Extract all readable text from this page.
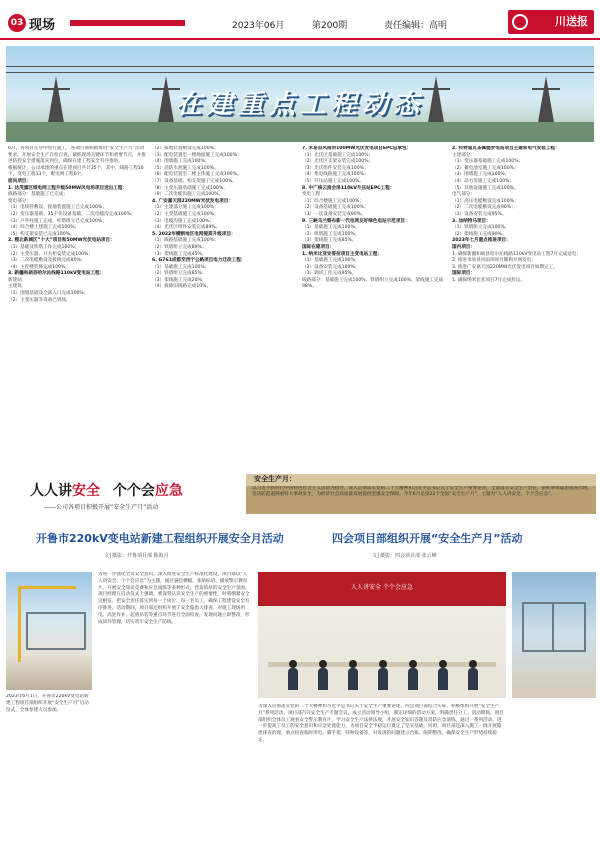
03 现场	2023年06月	第200期	责任编辑：高明	川送报
在建重点工程动态

6月，各项目在序中进行施工，各项目部积极推进“安全生产月”活动要求，开展安全生产自检自查，紧抓现场关键环节和重要节点，并推进防控安全措施落实到位，确保在建工程安全有序推进。

根据统计，公司承建的重点在建项目共计35个，其中，线路工程16个，变电工程13个，配电网工程6个。

面向项目：

1. 达茂旗区域电网工程升级50MW风电场项目送出工程：

线路部分：基础施工已完成；

变电部分：

（1）电线管敷设、接地装置施工已完成100%；

（2）变压器基础、35千伏设备基础、二次电缆沟完成100%；

（3）户外柱施工完成，杆塔组立已完成100%；

（4）综合楼土建施工完成100%；

（5）构支架安装已完成100%。

2. 稷北新城区“十大”项目和50MW光伏电站项目：

（1）基础及铁塔工作完成100%；

（2）主变压器、开关柜安装完成100%；

（3）二次电缆敷设及接线完成80%；

（4）主控楼装修完成100%。

3. 新疆和硕县哈尔沁线路110kV变电站工程：

新建站：

主建筑：

（1）围墙基础及全部入口完成100%；

（2）主变压器等设备已到场。

（2）接地装置敷设完成100%；

（3）配电装置室一楼地面施工完成100%；

（4）围墙施工完成100%；

（5）消防水池施工完成100%。

（6）配电装置室二楼主体施工完成100%。

（7）设备基础、构支架施工完成100%。

（8）主变压器基础施工完成100%。

（9）二次电缆沟施工完成100%。

4. 广安嘉天园220MW光伏发电项目：

（1）主建部分施工完成100%；

（2）主变基础施工完成100%；

（3）电缆沟施工完成100%；

（4）光伏区组件安装完成89%。

5. 2022年横断地区电网提质升级项目：

（1）线路基础施工完成100%；

（2）铁塔组立完成89%；

（3）架线施工完成45%。

6. G761成都至西宁公路项目电力迁改工程：

（1）基础施工完成100%；

（2）铁塔组立完成85%；

（3）架线施工完成20%；

（4）拆除旧线路完成10%。

7. 米易县风雨坝100MW光伏发电项目EPC总承包：

（1）光伏区基础施工完成100%；

（2）光伏区支架安装完成100%；

（3）光伏组件安装完成100%；

（4）集电线路施工完成100%；

（5）升压站施工完成100%。

8. 中广核云南会泽110kV升压站EPC工程：

变电工程：

（1）综合楼施工完成100%；

（2）设备基础施工完成100%；

（3）一次设备安装完成80%。

9. 三峡乌兰察布新一代电网友好绿色电站示范项目：

（1）基础施工完成100%；

（2）组塔施工完成100%；

（3）架线施工完成85%。

国际在建项目：

1. 纳米比亚安哥拉项目主变电站工程：

（1）基础施工完成100%；

（2）设备安装完成100%；

（3）调试工作完成95%。

线路部分：基础施工完成100%，铁塔组立完成100%，架线施工完成98%。

2. 科特迪瓦圣佩德罗电站项目主建和电气安装工程：

主建部分：

（1）变压器基础施工完成100%；

（2）蓄电池室施工完成100%；

（3）围墙施工完成100%；

（4）动力房施工完成100%；

（5）其他设施施工完成100%。

电气部分：

（1）高压电缆敷设完成100%；

（2）二次电缆敷设完成90%；

（3）设备安装完成95%。

3. 加纳特马项目：

（1）铁塔组立完成100%；

（2）架线施工完成90%。

2023年七月重点推进项目：

国内项目：

1. 确保新疆和硕县哈尔沁线路110kV变电站工程7月完成送电；

2. 推进米易县风雨坝项目顺利并网发电；

3. 推进广安嘉天园220MW光伏发电项目如期完工。

国际项目：

1. 确保纳米比亚项目7月完成投运。

人人讲安全 个个会应急
——公司各项目积极开展“安全生产月”活动
安全生产月：
以习近平新时代中国特色社会主义思想为指导，深入贯彻落实党的二十大精神和习近平总书记关于安全生产重要论述，全面落实安全生产责任，狠抓事故隐患排查治理，坚决防范遏制重特大事故发生，为经济社会高质量发展提供坚强安全保障。今年6月是第22个全国“安全生产月”，主题为“人人讲安全、个个会应急”。
开鲁市220kV变电站新建工程组织开展安全月活动
文│摄影：开鲁项目部 陈海月
为进一步强化全员安全意识，深入推进安全生产标准化建设，项目部以“人人讲安全、个个会应急”为主题，通过悬挂横幅、张贴标语、播放警示教育片、开展安全知识竞赛和应急演练等多种形式，营造浓厚的安全生产氛围。项目经理在启动仪式上强调，要深刻认识安全生产的重要性，时刻绷紧安全这根弦，把安全责任落实到每一个岗位、每一名员工，确保工程建设安全有序推进。活动期间，项目部还组织开展了安全隐患大排查，对施工现场用电、高处作业、起重吊装等重点环节进行全面检查，发现问题立即整改，形成闭环管理，切实筑牢安全生产防线。
2023年6月1日，开鲁市220kV变电站新建工程项目部组织开展“安全生产月”启动仪式，全体参建人员参加。
四会项目部组织开展“安全生产月”活动
文│摄影：四会项目部 张云峰
人人讲安全 个个会应急
为深入贯彻落实党的二十大精神和习近平总书记关于安全生产重要论述，四会项目部结合实际，积极组织开展“安全生产月”系列活动。项目部召开安全生产专题会议，成立活动领导小组，制定详细的活动方案，明确责任分工。活动期间，项目部组织全体员工观看安全警示教育片，学习安全生产法律法规，开展安全知识答题及消防应急演练。通过一系列活动，进一步提高了员工的安全意识和应急处置能力，为项目安全平稳运行奠定了坚实基础。同时，项目部还深入施工一线开展隐患排查治理，重点检查临时用电、脚手架、特种设备等，对发现的问题建立台账、限期整改，确保安全生产形势持续稳定。
